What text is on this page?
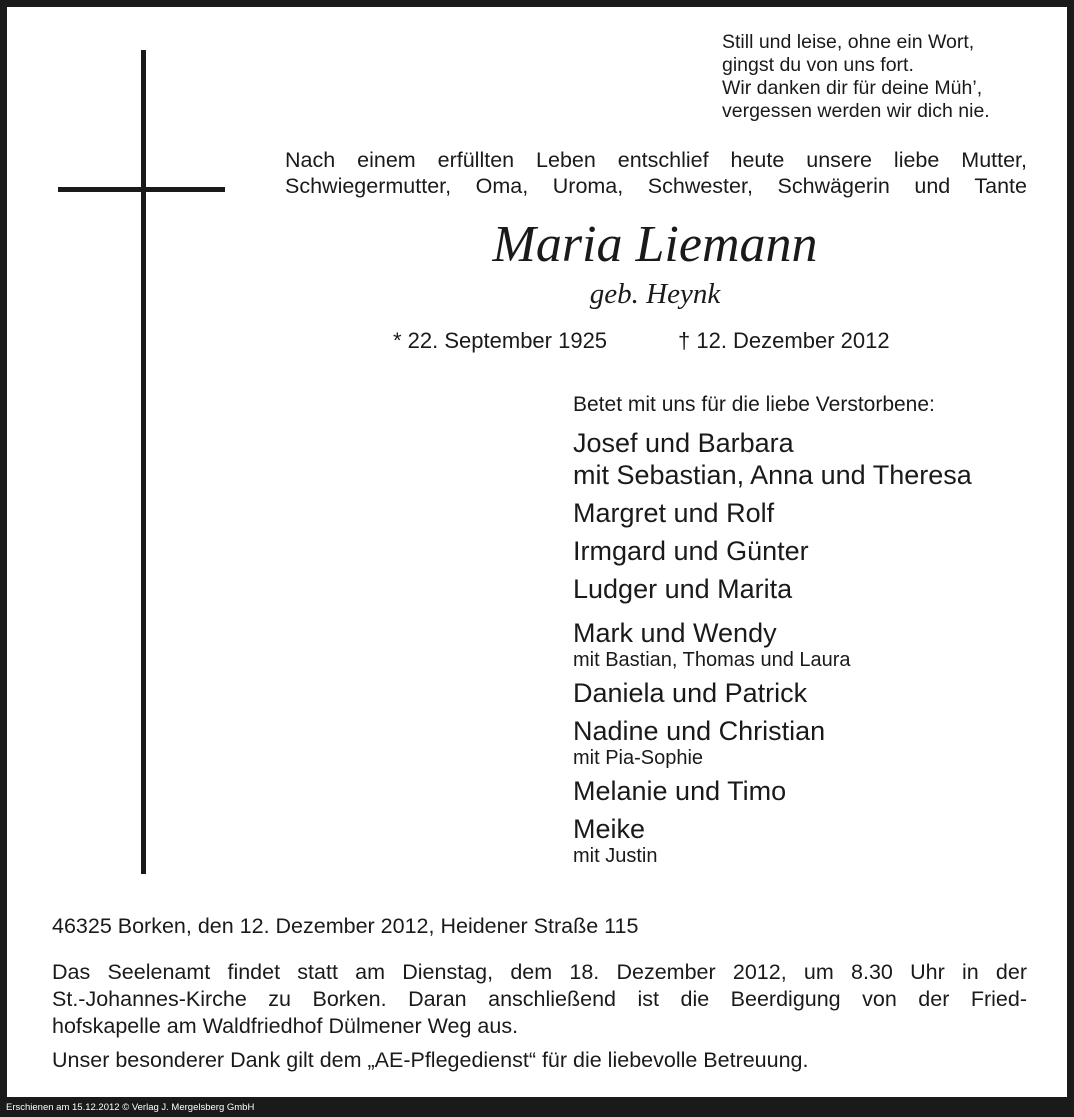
Still und leise, ohne ein Wort,
gingst du von uns fort.
Wir danken dir für deine Müh’,
vergessen werden wir dich nie.
Nach einem erfüllten Leben entschlief heute unsere liebe Mutter,
Schwiegermutter, Oma, Uroma, Schwester, Schwägerin und Tante
Maria Liemann
geb. Heynk
* 22. September 1925	† 12. Dezember 2012
Betet mit uns für die liebe Verstorbene:
Josef und Barbara
mit Sebastian, Anna und Theresa
Margret und Rolf
Irmgard und Günter
Ludger und Marita
Mark und Wendy
mit Bastian, Thomas und Laura
Daniela und Patrick
Nadine und Christian
mit Pia-Sophie
Melanie und Timo
Meike
mit Justin
46325 Borken, den 12. Dezember 2012, Heidener Straße 115
Das Seelenamt findet statt am Dienstag, dem 18. Dezember 2012, um 8.30 Uhr in der
St.-Johannes-Kirche zu Borken. Daran anschließend ist die Beerdigung von der Fried-
hofskapelle am Waldfriedhof Dülmener Weg aus.
Unser besonderer Dank gilt dem „AE-Pflegedienst“ für die liebevolle Betreuung.
Erschienen am 15.12.2012 © Verlag J. Mergelsberg GmbH
